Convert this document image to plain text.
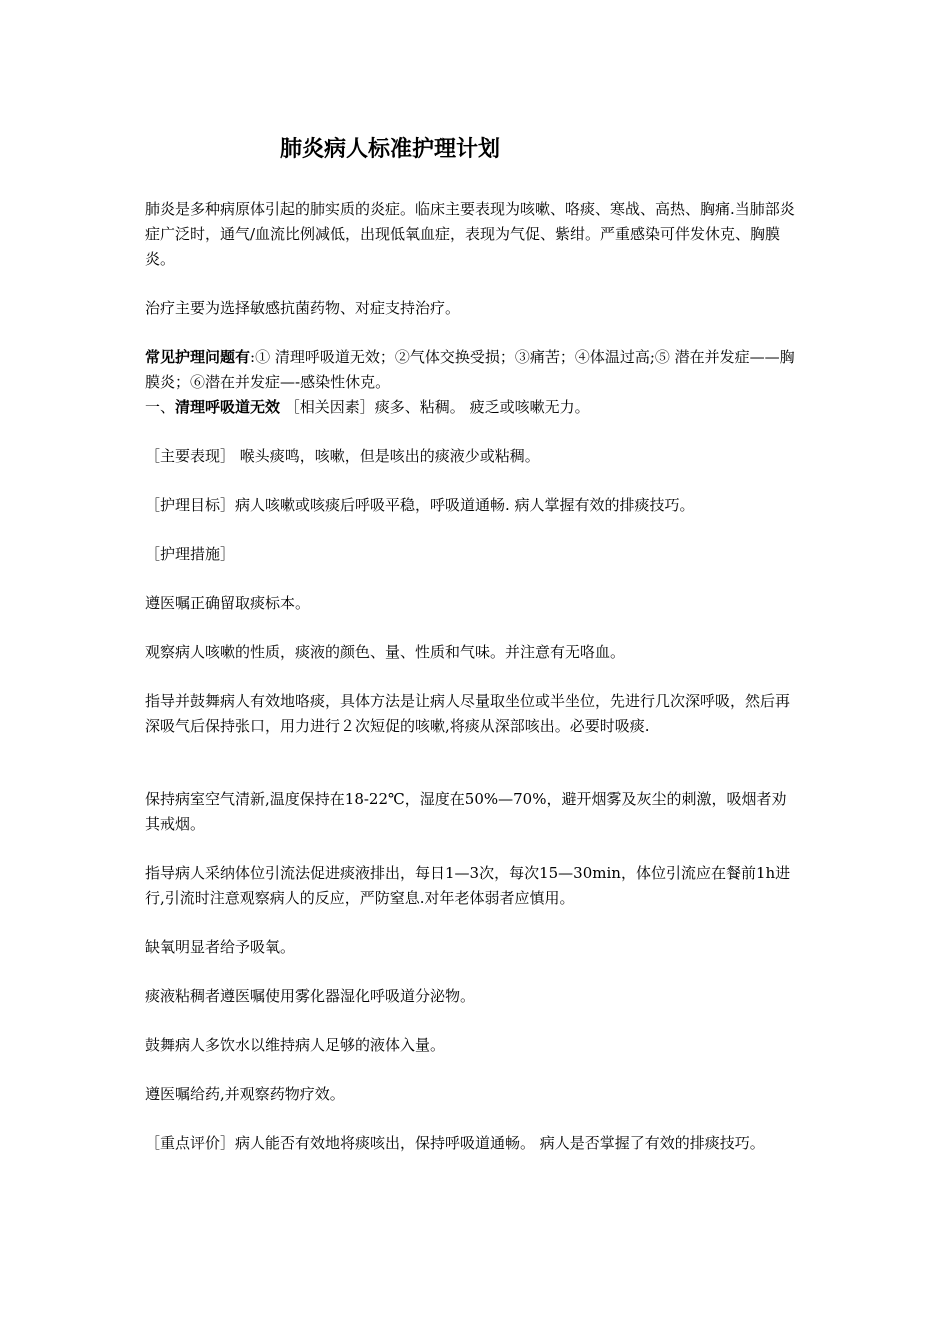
肺炎病人标准护理计划

肺炎是多种病原体引起的肺实质的炎症。临床主要表现为咳嗽、咯痰、寒战、高热、胸痛.当肺部炎症广泛时，通气/血流比例减低，出现低氧血症，表现为气促、紫绀。严重感染可伴发休克、胸膜炎。

治疗主要为选择敏感抗菌药物、对症支持治疗。

常见护理问题有:① 清理呼吸道无效；②气体交换受损；③痛苦；④体温过高;⑤ 潜在并发症——胸膜炎；⑥潜在并发症—-感染性休克。

一、清理呼吸道无效 ［相关因素］痰多、粘稠。 疲乏或咳嗽无力。

［主要表现］ 喉头痰鸣，咳嗽，但是咳出的痰液少或粘稠。

［护理目标］病人咳嗽或咳痰后呼吸平稳，呼吸道通畅. 病人掌握有效的排痰技巧。

［护理措施］

遵医嘱正确留取痰标本。

观察病人咳嗽的性质，痰液的颜色、量、性质和气味。并注意有无咯血。

指导并鼓舞病人有效地咯痰，具体方法是让病人尽量取坐位或半坐位，先进行几次深呼吸，然后再深吸气后保持张口，用力进行２次短促的咳嗽,将痰从深部咳出。必要时吸痰.

保持病室空气清新,温度保持在18-22℃，湿度在50%—70%，避开烟雾及灰尘的刺激，吸烟者劝其戒烟。

指导病人采纳体位引流法促进痰液排出，每日1—3次，每次15—30min，体位引流应在餐前1h进行,引流时注意观察病人的反应，严防窒息.对年老体弱者应慎用。

缺氧明显者给予吸氧。

痰液粘稠者遵医嘱使用雾化器湿化呼吸道分泌物。

鼓舞病人多饮水以维持病人足够的液体入量。

遵医嘱给药,并观察药物疗效。

［重点评价］病人能否有效地将痰咳出，保持呼吸道通畅。 病人是否掌握了有效的排痰技巧。
